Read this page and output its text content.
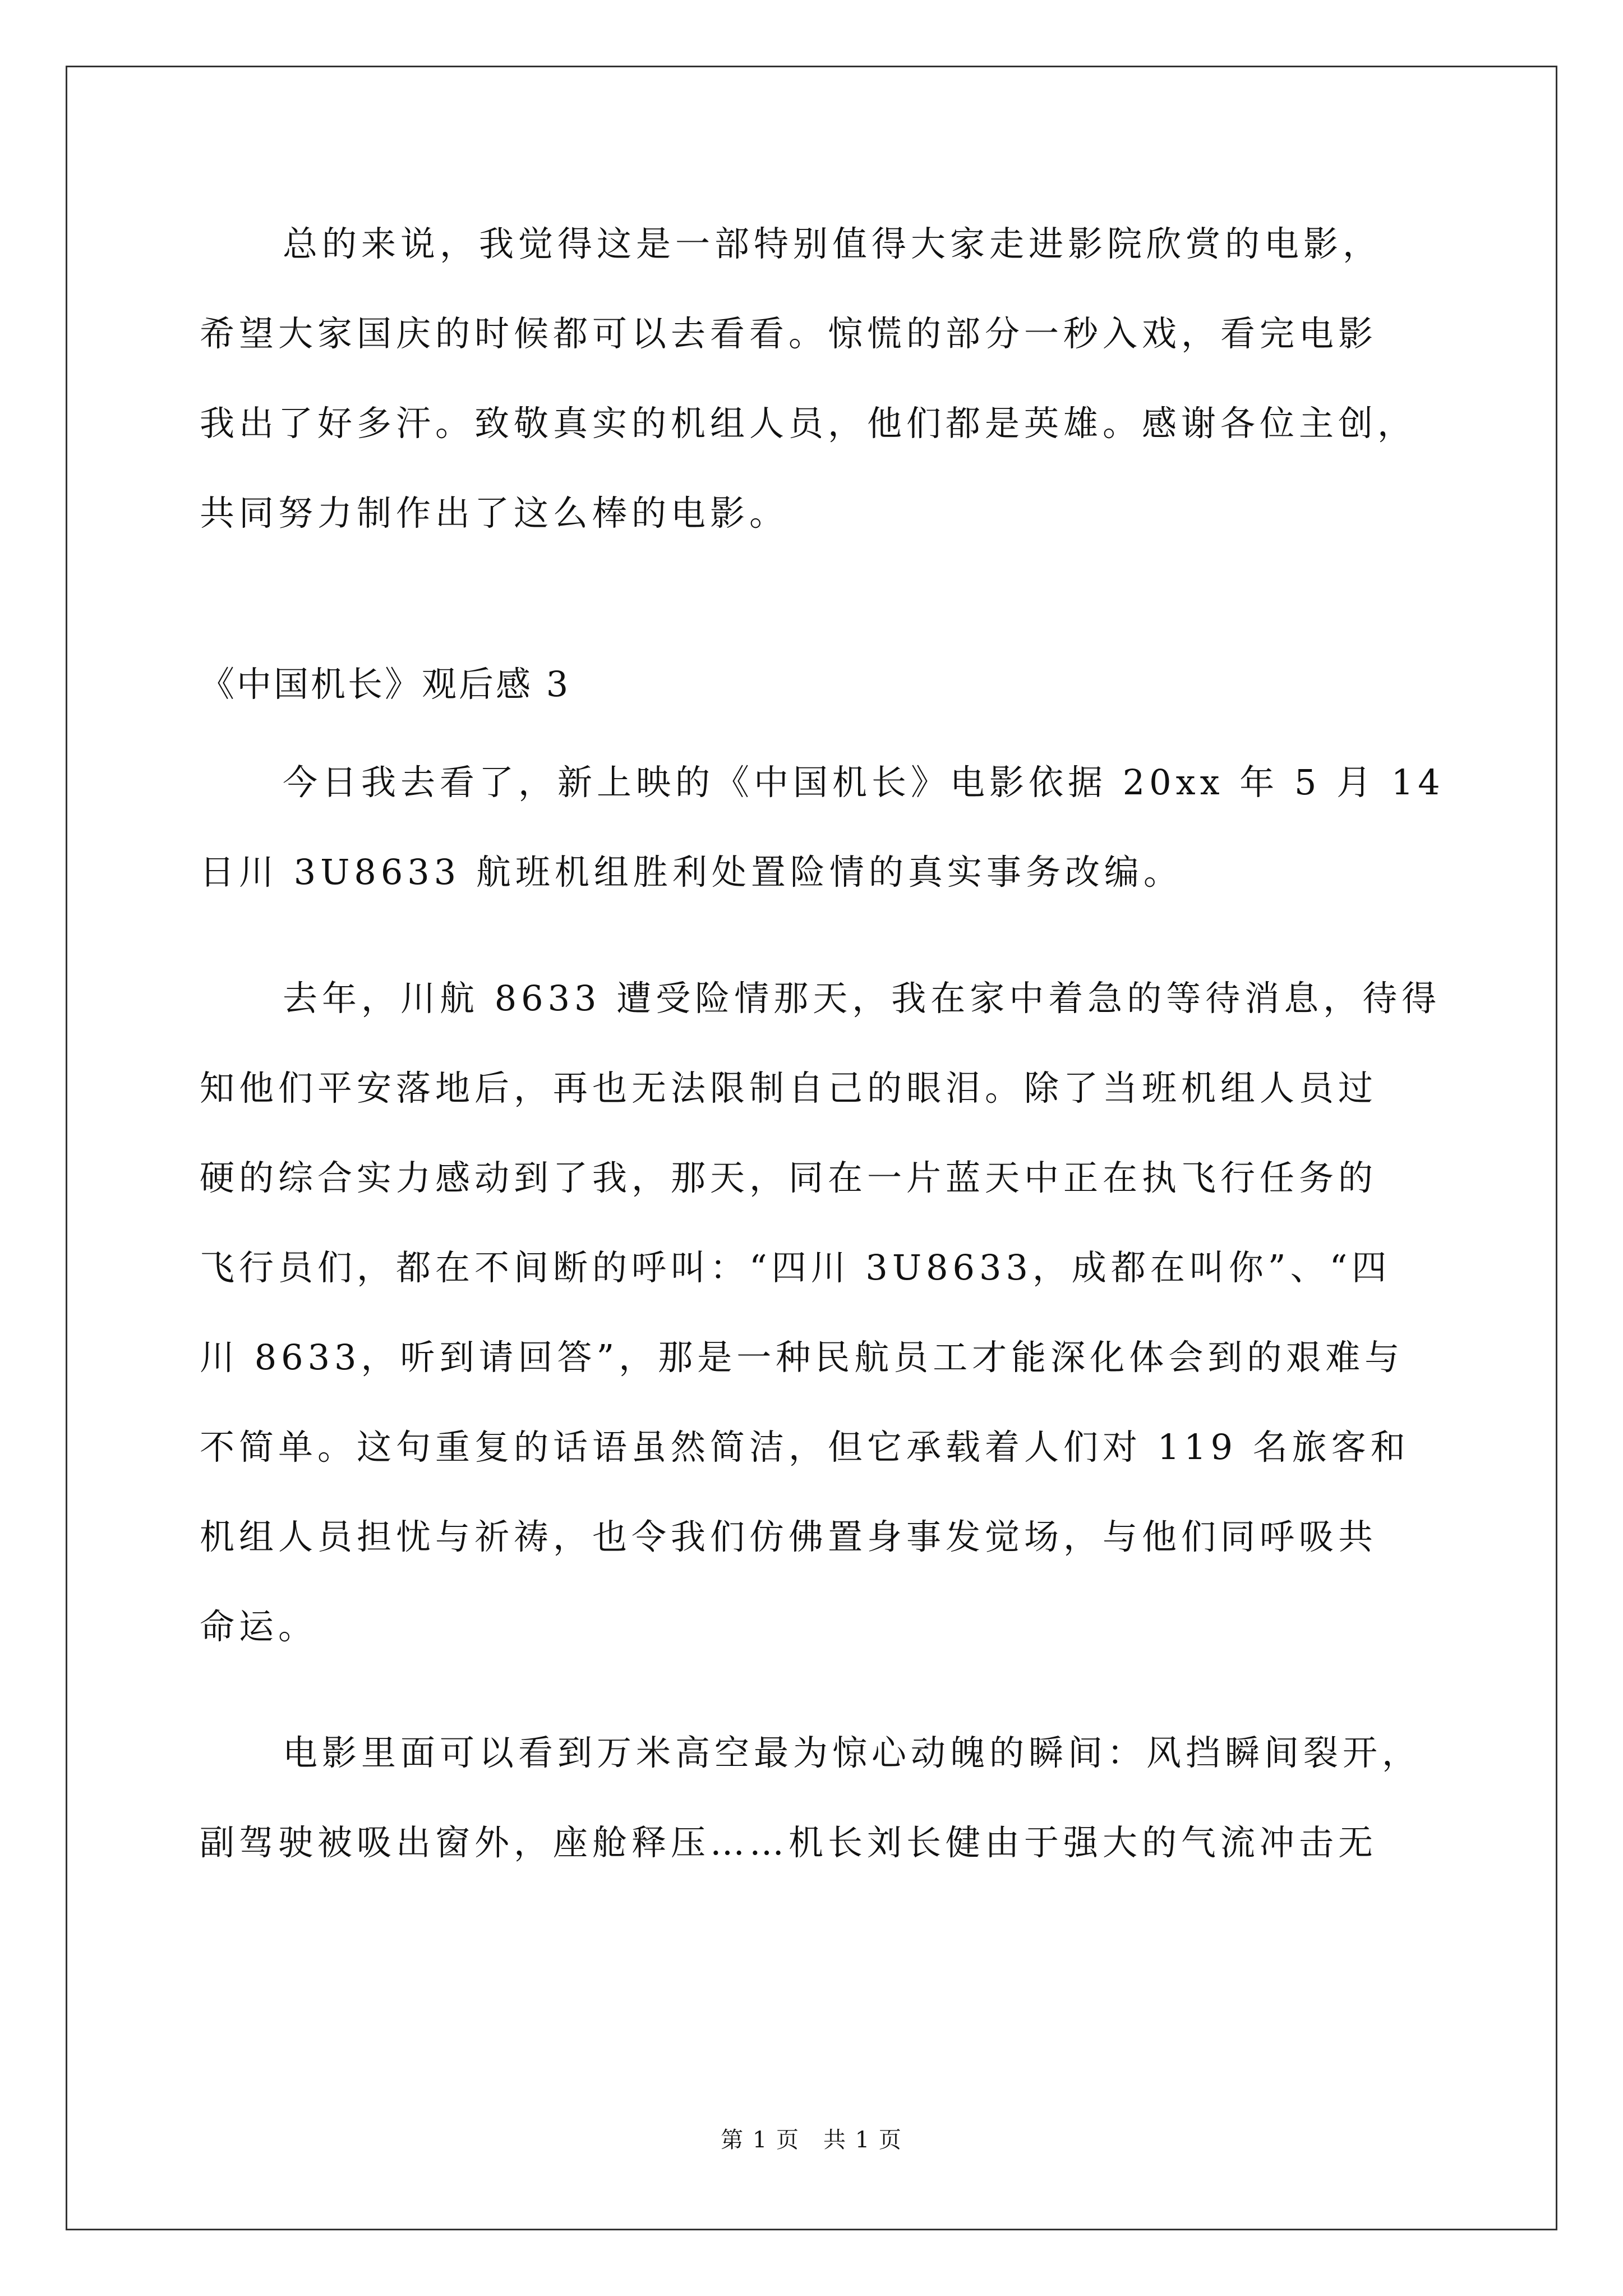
总的来说，我觉得这是一部特别值得大家走进影院欣赏的电影，
希望大家国庆的时候都可以去看看。惊慌的部分一秒入戏，看完电影
我出了好多汗。致敬真实的机组人员，他们都是英雄。感谢各位主创，
共同努力制作出了这么棒的电影。
《中国机长》观后感 3
今日我去看了，新上映的《中国机长》电影依据 20xx 年 5 月 14
日川 3U8633 航班机组胜利处置险情的真实事务改编。
去年，川航 8633 遭受险情那天，我在家中着急的等待消息，待得
知他们平安落地后，再也无法限制自己的眼泪。除了当班机组人员过
硬的综合实力感动到了我，那天，同在一片蓝天中正在执飞行任务的
飞行员们，都在不间断的呼叫：“四川 3U8633，成都在叫你”、“四
川 8633，听到请回答”，那是一种民航员工才能深化体会到的艰难与
不简单。这句重复的话语虽然简洁，但它承载着人们对 119 名旅客和
机组人员担忧与祈祷，也令我们仿佛置身事发觉场，与他们同呼吸共
命运。
电影里面可以看到万米高空最为惊心动魄的瞬间：风挡瞬间裂开，
副驾驶被吸出窗外，座舱释压……机长刘长健由于强大的气流冲击无
第 1 页　共 1 页
